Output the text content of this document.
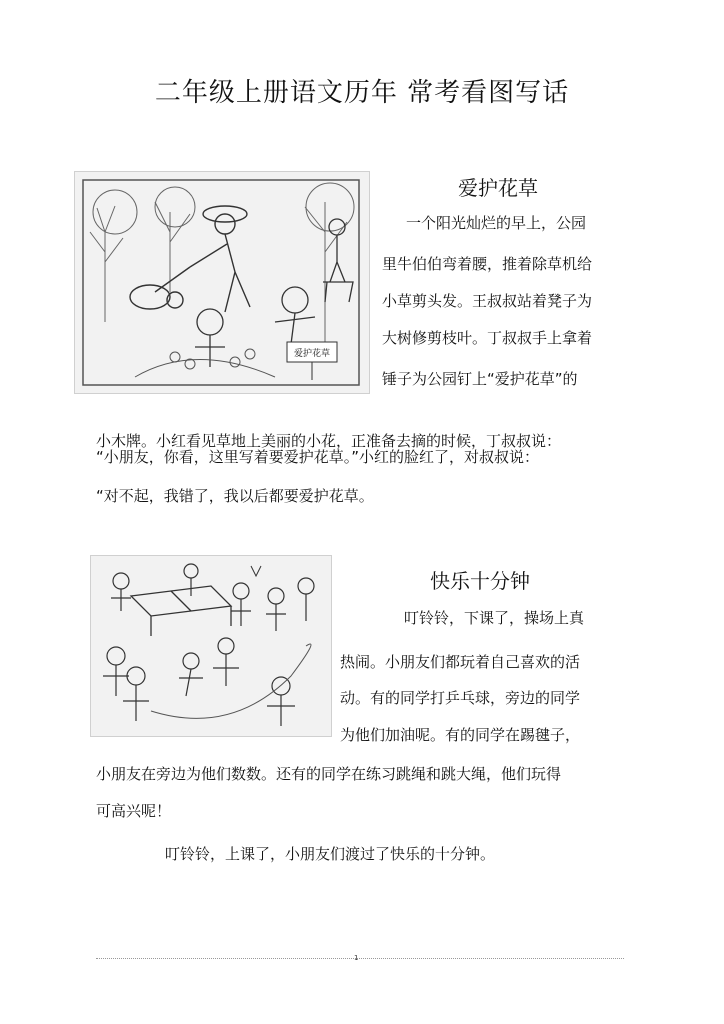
二年级上册语文历年 常考看图写话
爱护花草
爱护花草
一个阳光灿烂的早上，公园
里牛伯伯弯着腰，推着除草机给
小草剪头发。王叔叔站着凳子为
大树修剪枝叶。丁叔叔手上拿着
锤子为公园钉上“爱护花草”的
小木牌。小红看见草地上美丽的小花，正准备去摘的时候，丁叔叔说：
“小朋友，你看，这里写着要爱护花草。”小红的脸红了，对叔叔说：
“对不起，我错了，我以后都要爱护花草。
快乐十分钟
叮铃铃，下课了，操场上真
热闹。小朋友们都玩着自己喜欢的活
动。有的同学打乒乓球，旁边的同学
为他们加油呢。有的同学在踢毽子，
小朋友在旁边为他们数数。还有的同学在练习跳绳和跳大绳，他们玩得
可高兴呢！
叮铃铃，上课了，小朋友们渡过了快乐的十分钟。
1
